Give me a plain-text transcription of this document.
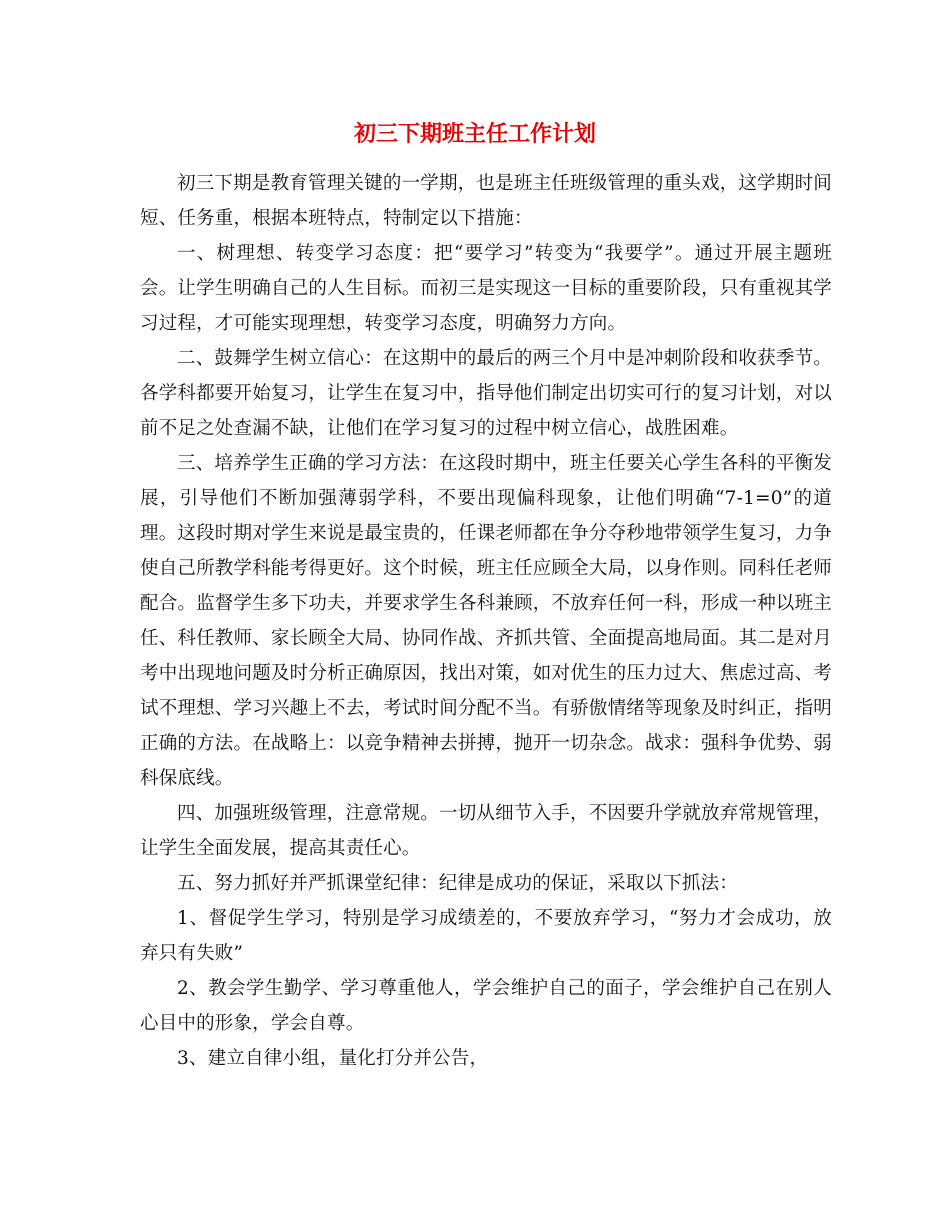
初三下期班主任工作计划

初三下期是教育管理关键的一学期，也是班主任班级管理的重头戏，这学期时间短、任务重，根据本班特点，特制定以下措施：

一、树理想、转变学习态度：把“要学习”转变为“我要学”。通过开展主题班会。让学生明确自己的人生目标。而初三是实现这一目标的重要阶段，只有重视其学习过程，才可能实现理想，转变学习态度，明确努力方向。

二、鼓舞学生树立信心：在这期中的最后的两三个月中是冲刺阶段和收获季节。各学科都要开始复习，让学生在复习中，指导他们制定出切实可行的复习计划，对以前不足之处查漏不缺，让他们在学习复习的过程中树立信心，战胜困难。

三、培养学生正确的学习方法：在这段时期中，班主任要关心学生各科的平衡发展，引导他们不断加强薄弱学科，不要出现偏科现象，让他们明确“7-1=0”的道理。这段时期对学生来说是最宝贵的，任课老师都在争分夺秒地带领学生复习，力争使自己所教学科能考得更好。这个时候，班主任应顾全大局，以身作则。同科任老师配合。监督学生多下功夫，并要求学生各科兼顾，不放弃任何一科，形成一种以班主任、科任教师、家长顾全大局、协同作战、齐抓共管、全面提高地局面。其二是对月考中出现地问题及时分析正确原因，找出对策，如对优生的压力过大、焦虑过高、考试不理想、学习兴趣上不去，考试时间分配不当。有骄傲情绪等现象及时纠正，指明正确的方法。在战略上：以竞争精神去拼搏，抛开一切杂念。战求：强科争优势、弱科保底线。

四、加强班级管理，注意常规。一切从细节入手，不因要升学就放弃常规管理，让学生全面发展，提高其责任心。

五、努力抓好并严抓课堂纪律：纪律是成功的保证，采取以下抓法：

1、督促学生学习，特别是学习成绩差的，不要放弃学习，“努力才会成功，放弃只有失败”

2、教会学生勤学、学习尊重他人，学会维护自己的面子，学会维护自己在别人心目中的形象，学会自尊。

3、建立自律小组，量化打分并公告，
